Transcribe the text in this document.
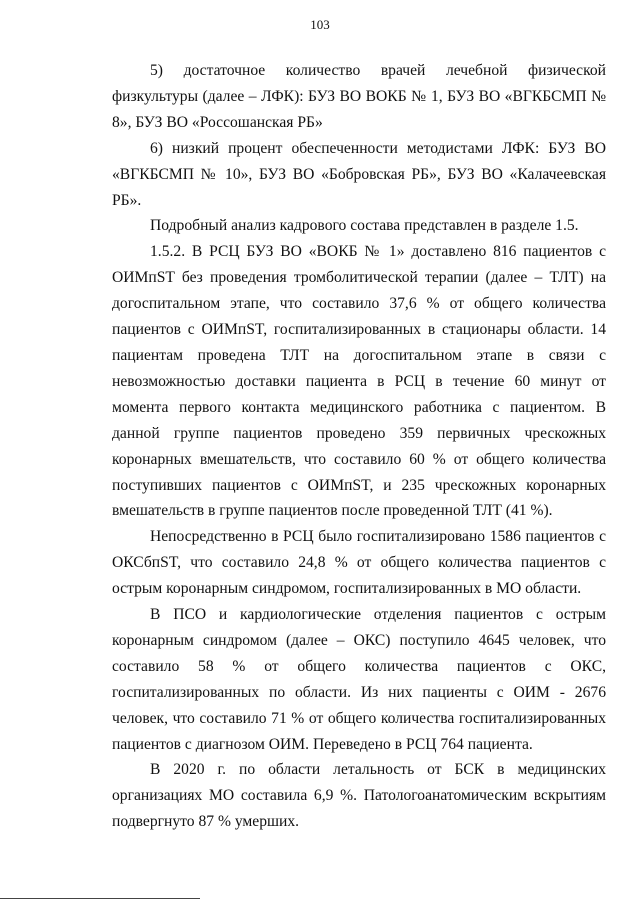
103

5) достаточное количество врачей лечебной физической физкультуры (далее – ЛФК): БУЗ ВО ВОКБ № 1, БУЗ ВО «ВГКБСМП № 8», БУЗ ВО «Россошанская РБ»

6) низкий процент обеспеченности методистами ЛФК: БУЗ ВО «ВГКБСМП № 10», БУЗ ВО «Бобровская РБ», БУЗ ВО «Калачеевская РБ».

Подробный анализ кадрового состава представлен в разделе 1.5.

1.5.2. В РСЦ БУЗ ВО «ВОКБ № 1» доставлено 816 пациентов с ОИМпST без проведения тромболитической терапии (далее – ТЛТ) на догоспитальном этапе, что составило 37,6 % от общего количества пациентов с ОИМпST, госпитализированных в стационары области. 14 пациентам проведена ТЛТ на догоспитальном этапе в связи с невозможностью доставки пациента в РСЦ в течение 60 минут от момента первого контакта медицинского работника с пациентом. В данной группе пациентов проведено 359 первичных чрескожных коронарных вмешательств, что составило 60 % от общего количества поступивших пациентов с ОИМпST, и 235 чрескожных коронарных вмешательств в группе пациентов после проведенной ТЛТ (41 %).

Непосредственно в РСЦ было госпитализировано 1586 пациентов с ОКСбпST, что составило 24,8 % от общего количества пациентов с острым коронарным синдромом, госпитализированных в МО области.

В ПСО и кардиологические отделения пациентов с острым коронарным синдромом (далее – ОКС) поступило 4645 человек, что составило 58 % от общего количества пациентов с ОКС, госпитализированных по области. Из них пациенты с ОИМ - 2676 человек, что составило 71 % от общего количества госпитализированных пациентов с диагнозом ОИМ. Переведено в РСЦ 764 пациента.

В 2020 г. по области летальность от БСК в медицинских организациях МО составила 6,9 %. Патологоанатомическим вскрытиям подвергнуто 87 % умерших.
